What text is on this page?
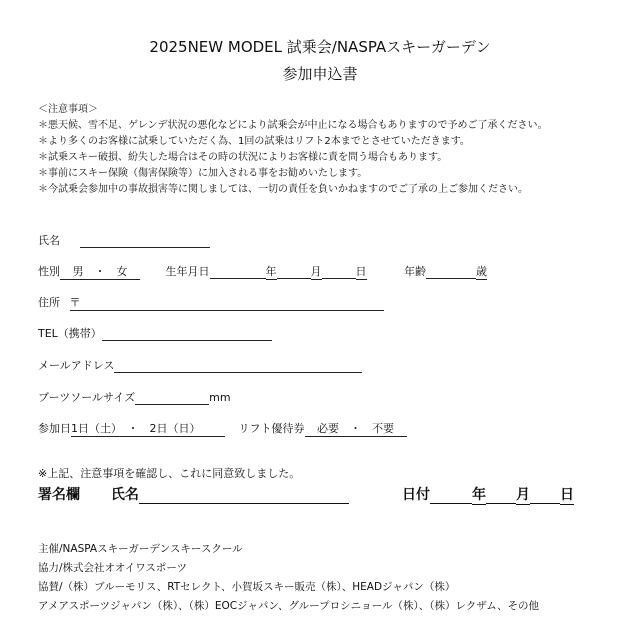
2025NEW MODEL 試乗会/NASPAスキーガーデン
参加申込書
＜注意事項＞
＊悪天候、雪不足、ゲレンデ状況の悪化などにより試乗会が中止になる場合もありますので予めご了承ください。
＊より多くのお客様に試乗していただく為、1回の試乗はリフト2本までとさせていただきます。
＊試乗スキー破損、紛失した場合はその時の状況によりお客様に責を問う場合もあります。
＊事前にスキー保険（傷害保険等）に加入される事をお勧めいたします。
＊今試乗会参加中の事故損害等に関しましては、一切の責任を負いかねますのでご了承の上ご参加ください。
氏名
性別 男　・　女	生年月日	年	月	日	年齢	歳
住所 〒
TEL（携帯）
メールアドレス
ブーツソールサイズ	mm
参加日1日（土）　・　2日（日）	リフト優待券 必要　・　不要
※上記、注意事項を確認し、これに同意致しました。
署名欄 氏名	日付	年 月 日
主催/NASPAスキーガーデンスキースクール
協力/株式会社オオイワスポーツ
協賛/（株）ブルーモリス、RTセレクト、小賀坂スキー販売（株）、HEADジャパン（株）
アメアスポーツジャパン（株）、（株）EOCジャパン、グループロシニョール（株）、（株）レクザム、その他
